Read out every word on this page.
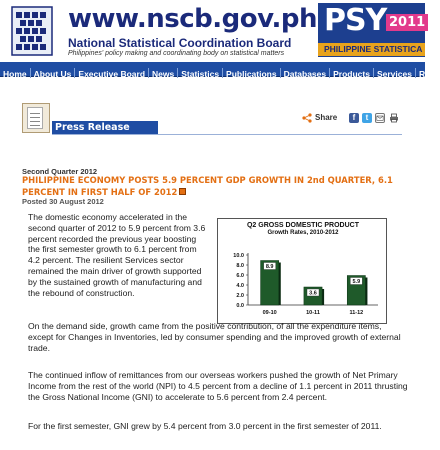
www.nscb.gov.ph
National Statistical Coordination Board
Philippines' policy making and coordinating body on statistical matters
PSY 2011
PHILIPPINE STATISTICA
Home About Us Executive Board News Statistics Publications Databases Products Services Refe
Press Release
Share	f	t
Second Quarter 2012
PHILIPPINE ECONOMY POSTS 5.9 PERCENT GDP GROWTH IN 2nd QUARTER, 6.1 PERCENT IN FIRST HALF OF 2012
Posted 30 August 2012
The domestic economy accelerated in the second quarter of 2012 to 5.9 percent from 3.6 percent recorded the previous year boosting the first semester growth to 6.1 percent from 4.2 percent. The resilient Services sector remained the main driver of growth supported by the sustained growth of manufacturing and the rebound of construction.
Q2 GROSS DOMESTIC PRODUCT
Growth Rates, 2010-2012
10.0
8.0
6.0
4.0
2.0
0.0
8.9
09-10
3.6
10-11
5.9
11-12
On the demand side, growth came from the positive contribution, of all the expenditure items, except for Changes in Inventories, led by consumer spending and the improved growth of external trade.
The continued inflow of remittances from our overseas workers pushed the growth of Net Primary Income from the rest of the world (NPI) to 4.5 percent from a decline of 1.1 percent in 2011 thrusting the Gross National Income (GNI) to accelerate to 5.6 percent from 2.4 percent.
For the first semester, GNI grew by 5.4 percent from 3.0 percent in the first semester of 2011.
